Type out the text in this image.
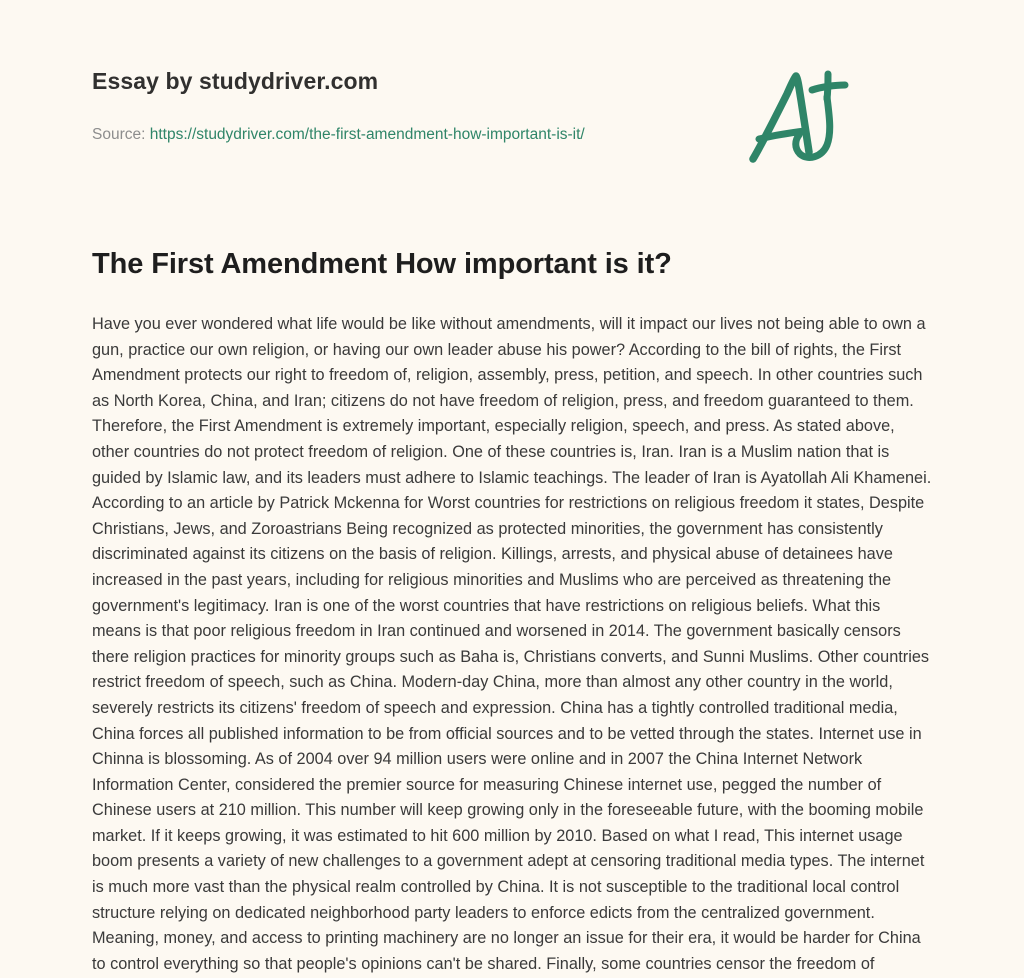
Essay by studydriver.com
Source: https://studydriver.com/the-first-amendment-how-important-is-it/
The First Amendment How important is it?
Have you ever wondered what life would be like without amendments, will it impact our lives not being able to own a gun, practice our own religion, or having our own leader abuse his power? According to the bill of rights, the First Amendment protects our right to freedom of, religion, assembly, press, petition, and speech. In other countries such as North Korea, China, and Iran; citizens do not have freedom of religion, press, and freedom guaranteed to them. Therefore, the First Amendment is extremely important, especially religion, speech, and press. As stated above, other countries do not protect freedom of religion. One of these countries is, Iran. Iran is a Muslim nation that is guided by Islamic law, and its leaders must adhere to Islamic teachings. The leader of Iran is Ayatollah Ali Khamenei. According to an article by Patrick Mckenna for Worst countries for restrictions on religious freedom it states, Despite Christians, Jews, and Zoroastrians Being recognized as protected minorities, the government has consistently discriminated against its citizens on the basis of religion. Killings, arrests, and physical abuse of detainees have increased in the past years, including for religious minorities and Muslims who are perceived as threatening the government's legitimacy. Iran is one of the worst countries that have restrictions on religious beliefs. What this means is that poor religious freedom in Iran continued and worsened in 2014. The government basically censors there religion practices for minority groups such as Baha is, Christians converts, and Sunni Muslims. Other countries restrict freedom of speech, such as China. Modern-day China, more than almost any other country in the world, severely restricts its citizens' freedom of speech and expression. China has a tightly controlled traditional media, China forces all published information to be from official sources and to be vetted through the states. Internet use in Chinna is blossoming. As of 2004 over 94 million users were online and in 2007 the China Internet Network Information Center, considered the premier source for measuring Chinese internet use, pegged the number of Chinese users at 210 million. This number will keep growing only in the foreseeable future, with the booming mobile market. If it keeps growing, it was estimated to hit 600 million by 2010. Based on what I read, This internet usage boom presents a variety of new challenges to a government adept at censoring traditional media types. The internet is much more vast than the physical realm controlled by China. It is not susceptible to the traditional local control structure relying on dedicated neighborhood party leaders to enforce edicts from the centralized government. Meaning, money, and access to printing machinery are no longer an issue for their era, it would be harder for China to control everything so that people's opinions can't be shared. Finally, some countries censor the freedom of
